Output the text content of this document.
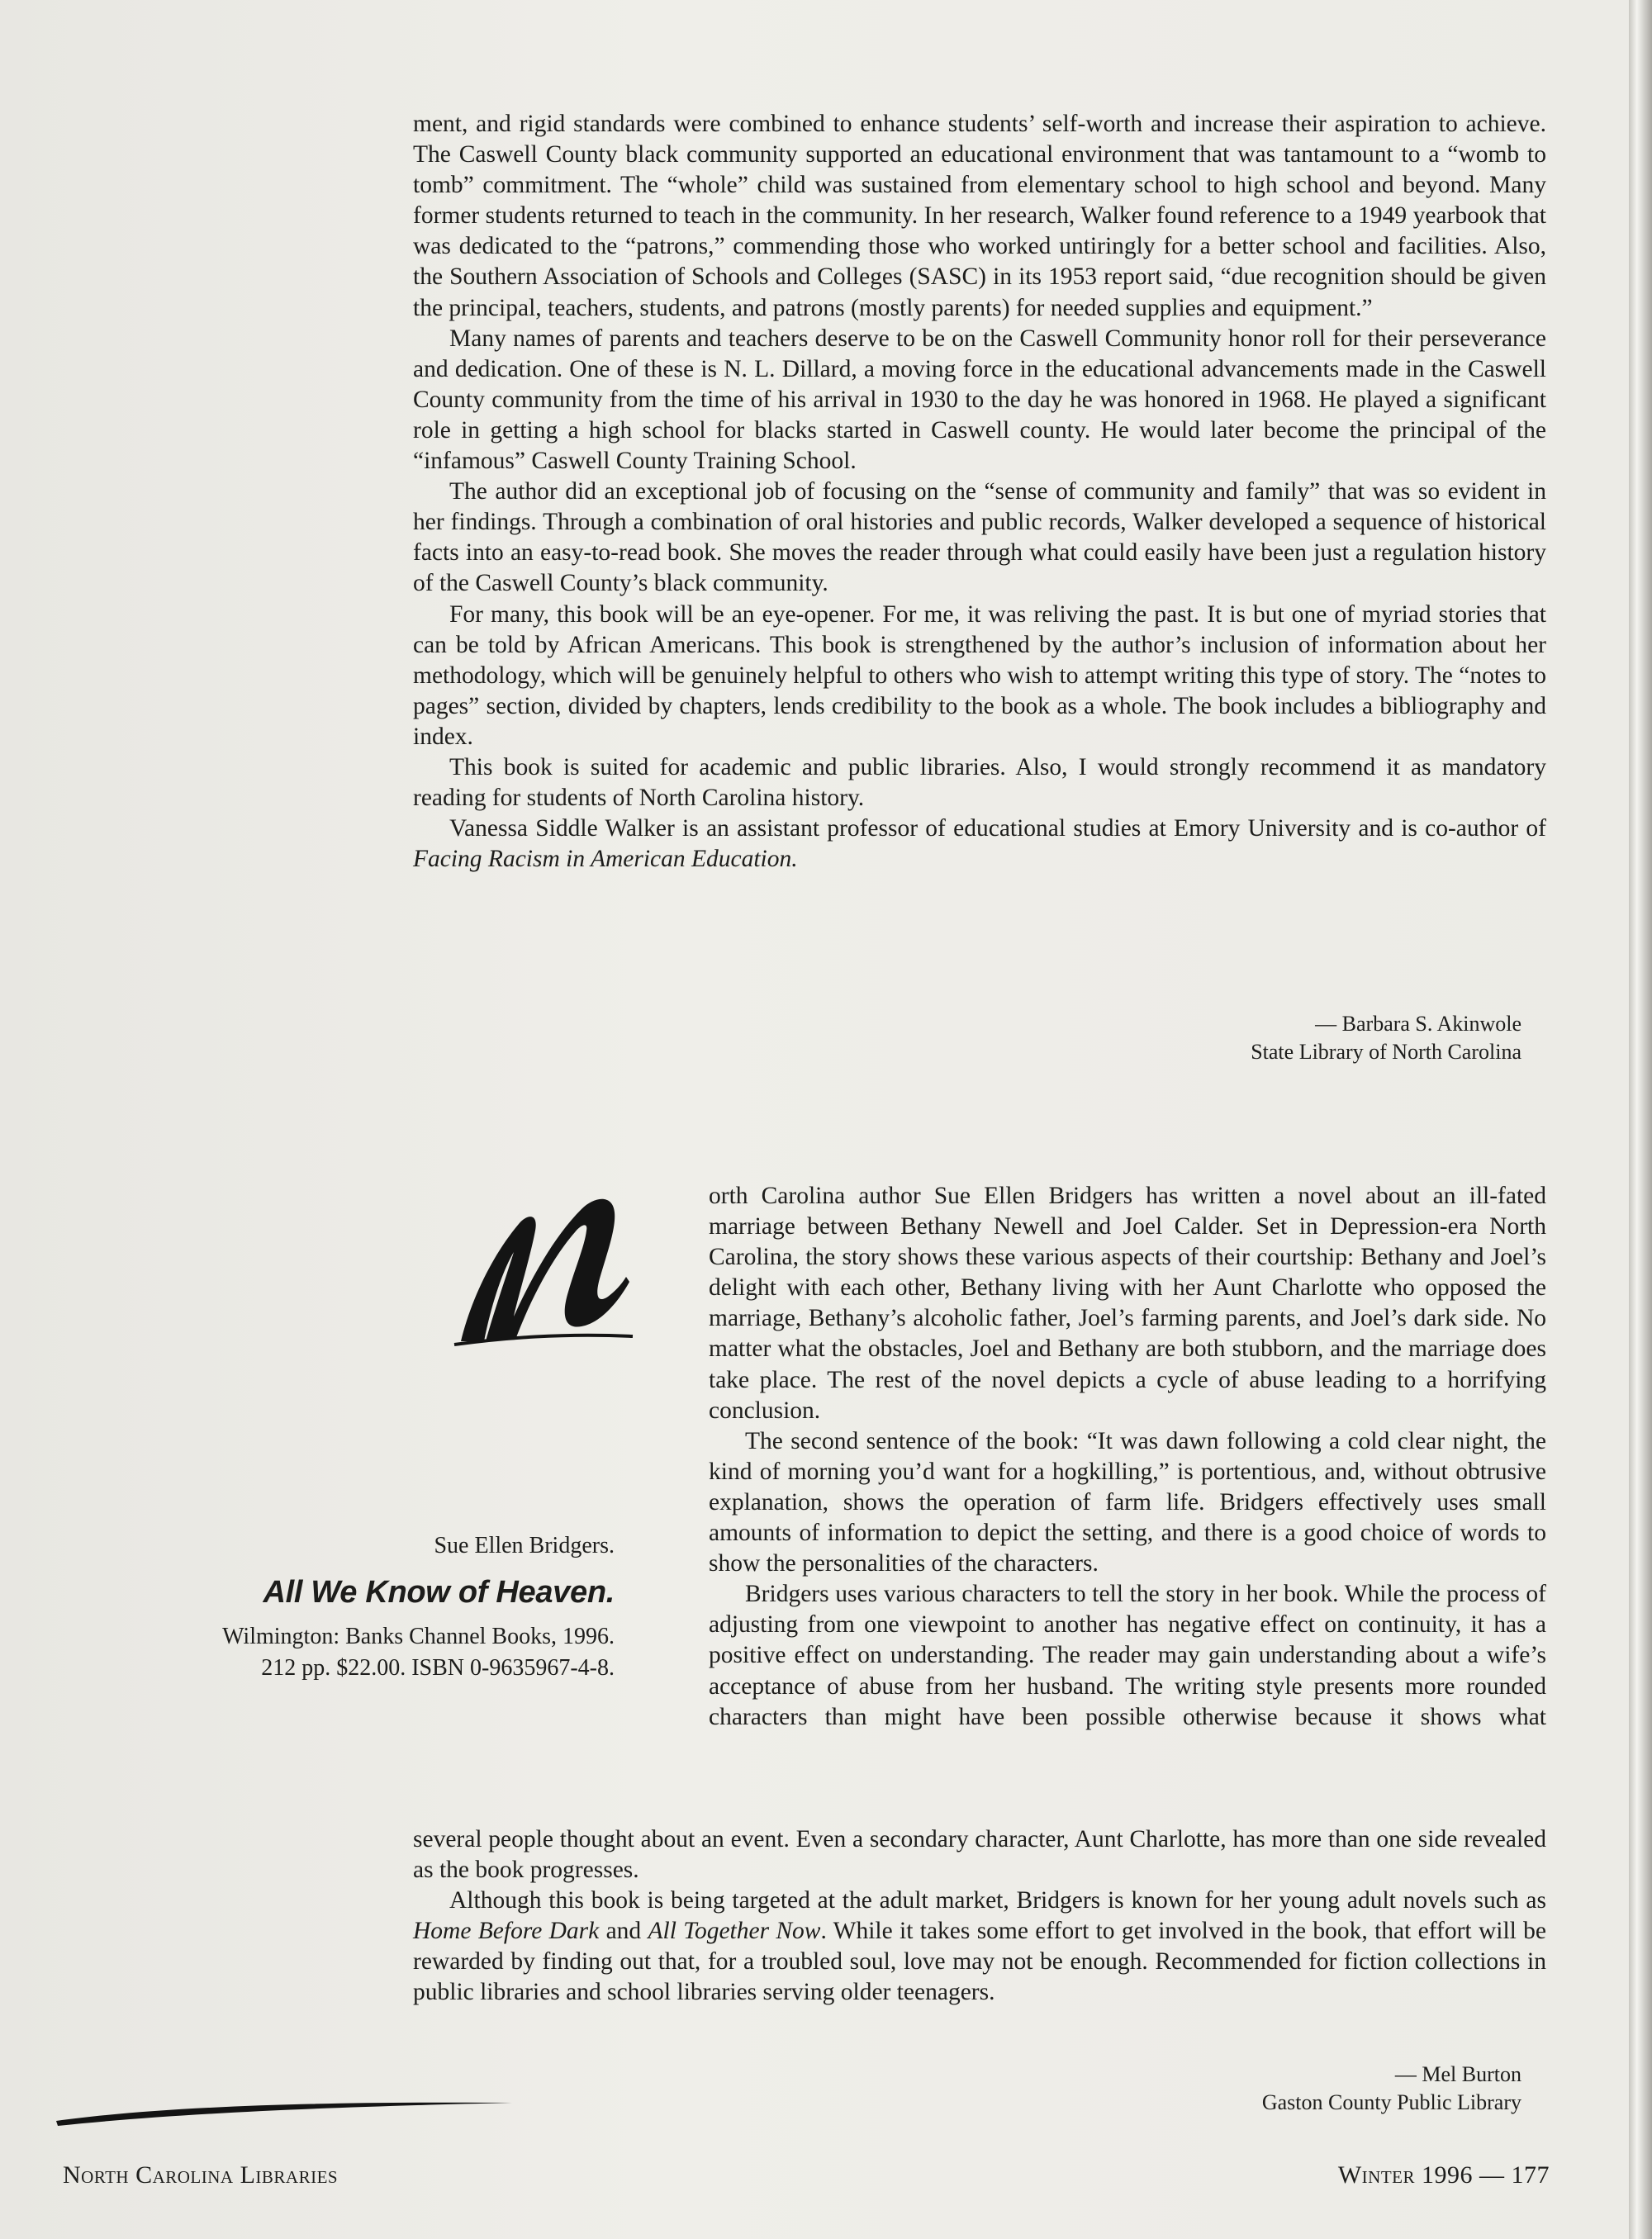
ment, and rigid standards were combined to enhance students’ self-worth and increase their aspiration to achieve. The Caswell County black community supported an educational environment that was tantamount to a “womb to tomb” commitment. The “whole” child was sustained from elementary school to high school and beyond. Many former students returned to teach in the community. In her research, Walker found reference to a 1949 yearbook that was dedicated to the “patrons,” commending those who worked untiringly for a better school and facilities. Also, the Southern Association of Schools and Colleges (SASC) in its 1953 report said, “due recognition should be given the principal, teachers, students, and patrons (mostly parents) for needed supplies and equipment.”

Many names of parents and teachers deserve to be on the Caswell Community honor roll for their perseverance and dedication. One of these is N. L. Dillard, a moving force in the educational advancements made in the Caswell County community from the time of his arrival in 1930 to the day he was honored in 1968. He played a significant role in getting a high school for blacks started in Caswell county. He would later become the principal of the “infamous” Caswell County Training School.

The author did an exceptional job of focusing on the “sense of community and family” that was so evident in her findings. Through a combination of oral histories and public records, Walker developed a sequence of historical facts into an easy-to-read book. She moves the reader through what could easily have been just a regulation history of the Caswell County’s black community.

For many, this book will be an eye-opener. For me, it was reliving the past. It is but one of myriad stories that can be told by African Americans. This book is strengthened by the author’s inclusion of information about her methodology, which will be genuinely helpful to others who wish to attempt writing this type of story. The “notes to pages” section, divided by chapters, lends credibility to the book as a whole. The book includes a bibliography and index.

This book is suited for academic and public libraries. Also, I would strongly recommend it as mandatory reading for students of North Carolina history.

Vanessa Siddle Walker is an assistant professor of educational studies at Emory University and is co-author of Facing Racism in American Education.

— Barbara S. Akinwole
State Library of North Carolina

orth Carolina author Sue Ellen Bridgers has written a novel about an ill-fated marriage between Bethany Newell and Joel Calder. Set in Depression-era North Carolina, the story shows these various aspects of their courtship: Bethany and Joel’s delight with each other, Bethany living with her Aunt Charlotte who opposed the marriage, Bethany’s alcoholic father, Joel’s farming parents, and Joel’s dark side. No matter what the obstacles, Joel and Bethany are both stubborn, and the marriage does take place. The rest of the novel depicts a cycle of abuse leading to a horrifying conclusion.

The second sentence of the book: “It was dawn following a cold clear night, the kind of morning you’d want for a hogkilling,” is portentious, and, without obtrusive explanation, shows the operation of farm life. Bridgers effectively uses small amounts of information to depict the setting, and there is a good choice of words to show the personalities of the characters.

Bridgers uses various characters to tell the story in her book. While the process of adjusting from one viewpoint to another has negative effect on continuity, it has a positive effect on understanding. The reader may gain understanding about a wife’s acceptance of abuse from her husband. The writing style presents more rounded characters than might have been possible otherwise because it shows what

several people thought about an event. Even a secondary character, Aunt Charlotte, has more than one side revealed as the book progresses.

Although this book is being targeted at the adult market, Bridgers is known for her young adult novels such as Home Before Dark and All Together Now. While it takes some effort to get involved in the book, that effort will be rewarded by finding out that, for a troubled soul, love may not be enough. Recommended for fiction collections in public libraries and school libraries serving older teenagers.

— Mel Burton
Gaston County Public Library
Sue Ellen Bridgers.
All We Know of Heaven.
Wilmington: Banks Channel Books, 1996.
212 pp. $22.00. ISBN 0-9635967-4-8.
North Carolina Libraries	Winter 1996 — 177
